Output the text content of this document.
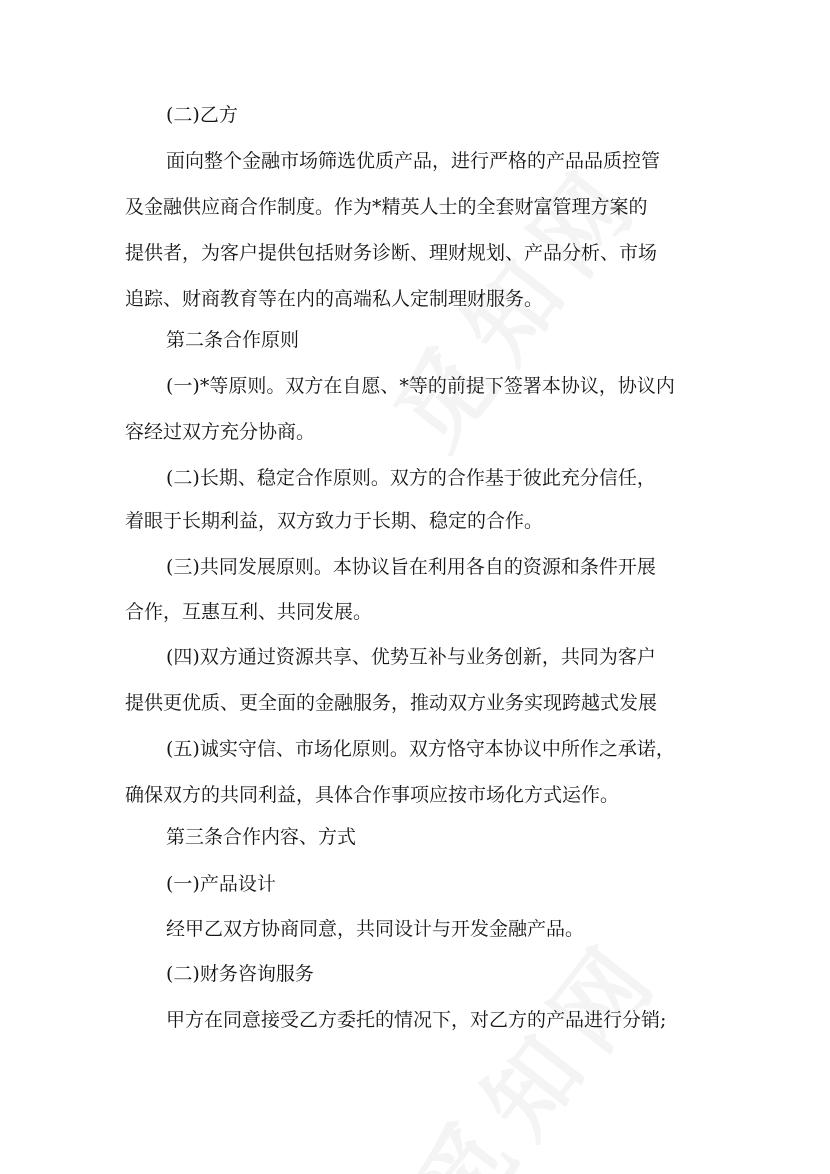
(二)乙方
面向整个金融市场筛选优质产品，进行严格的产品品质控管
及金融供应商合作制度。作为*精英人士的全套财富管理方案的
提供者，为客户提供包括财务诊断、理财规划、产品分析、市场
追踪、财商教育等在内的高端私人定制理财服务。
第二条合作原则
(一)*等原则。双方在自愿、*等的前提下签署本协议，协议内
容经过双方充分协商。
(二)长期、稳定合作原则。双方的合作基于彼此充分信任，
着眼于长期利益，双方致力于长期、稳定的合作。
(三)共同发展原则。本协议旨在利用各自的资源和条件开展
合作，互惠互利、共同发展。
(四)双方通过资源共享、优势互补与业务创新，共同为客户
提供更优质、更全面的金融服务，推动双方业务实现跨越式发展
(五)诚实守信、市场化原则。双方恪守本协议中所作之承诺，
确保双方的共同利益，具体合作事项应按市场化方式运作。
第三条合作内容、方式
(一)产品设计
经甲乙双方协商同意，共同设计与开发金融产品。
(二)财务咨询服务
甲方在同意接受乙方委托的情况下，对乙方的产品进行分销;
